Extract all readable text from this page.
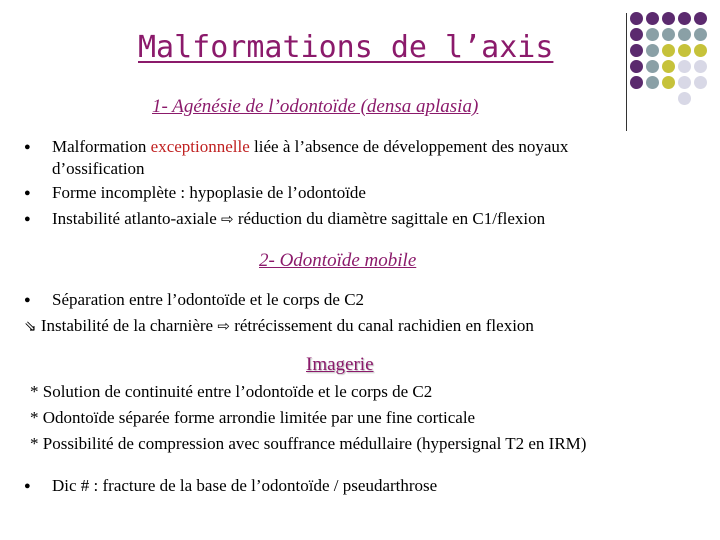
Malformations de l’axis
1- Agénésie de l’odontoïde (densa aplasia)
● Malformation exceptionnelle liée à l’absence de développement des noyaux
d’ossification
● Forme incomplète : hypoplasie de l’odontoïde
● Instabilité atlanto-axiale ⇨ réduction du diamètre sagittale en C1/flexion
2- Odontoïde mobile
● Séparation entre l’odontoïde et le corps de C2
⇘ Instabilité de la charnière ⇨ rétrécissement du canal rachidien en flexion
Imagerie
* Solution de continuité entre l’odontoïde et le corps de C2
* Odontoïde séparée forme arrondie limitée par une fine corticale
* Possibilité de compression avec souffrance médullaire (hypersignal T2 en IRM)
● Dic # : fracture de la base de l’odontoïde / pseudarthrose
